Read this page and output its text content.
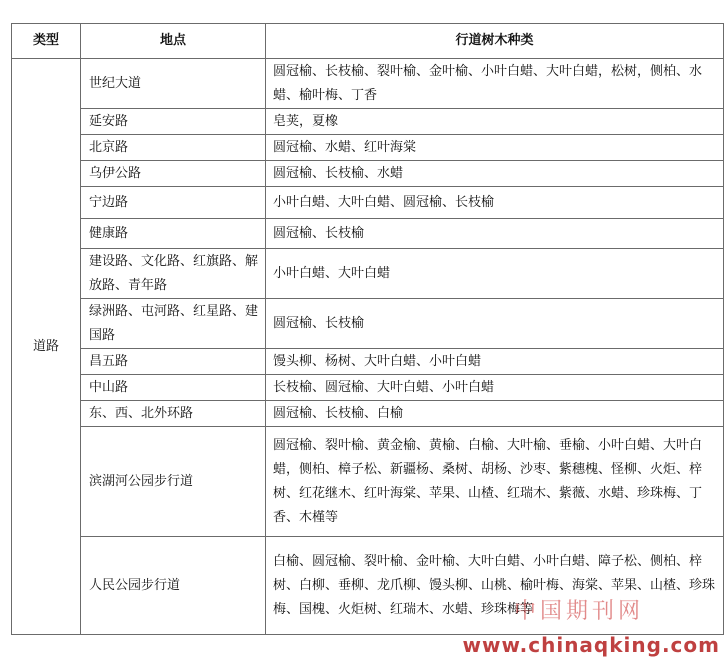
类型	地点	行道树木种类
道路	世纪大道	圆冠榆、长枝榆、裂叶榆、金叶榆、小叶白蜡、大叶白蜡，松树，侧柏、水蜡、榆叶梅、丁香
	延安路	皂荚，夏橡
	北京路	圆冠榆、水蜡、红叶海棠
	乌伊公路	圆冠榆、长枝榆、水蜡
	宁边路	小叶白蜡、大叶白蜡、圆冠榆、长枝榆
	健康路	圆冠榆、长枝榆
	建设路、文化路、红旗路、解放路、青年路	小叶白蜡、大叶白蜡
	绿洲路、屯河路、红星路、建国路	圆冠榆、长枝榆
	昌五路	馒头柳、杨树、大叶白蜡、小叶白蜡
	中山路	长枝榆、圆冠榆、大叶白蜡、小叶白蜡
	东、西、北外环路	圆冠榆、长枝榆、白榆
	滨湖河公园步行道	圆冠榆、裂叶榆、黄金榆、黄榆、白榆、大叶榆、垂榆、小叶白蜡、大叶白蜡，侧柏、樟子松、新疆杨、桑树、胡杨、沙枣、紫穗槐、怪柳、火炬、梓树、红花继木、红叶海棠、苹果、山楂、红瑞木、紫薇、水蜡、珍珠梅、丁香、木槿等
	人民公园步行道	白榆、圆冠榆、裂叶榆、金叶榆、大叶白蜡、小叶白蜡、障子松、侧柏、梓树、白柳、垂柳、龙爪柳、馒头柳、山桃、榆叶梅、海棠、苹果、山楂、珍珠梅、国槐、火炬树、红瑞木、水蜡、珍珠梅等
中国期刊网
www.chinaqking.com
